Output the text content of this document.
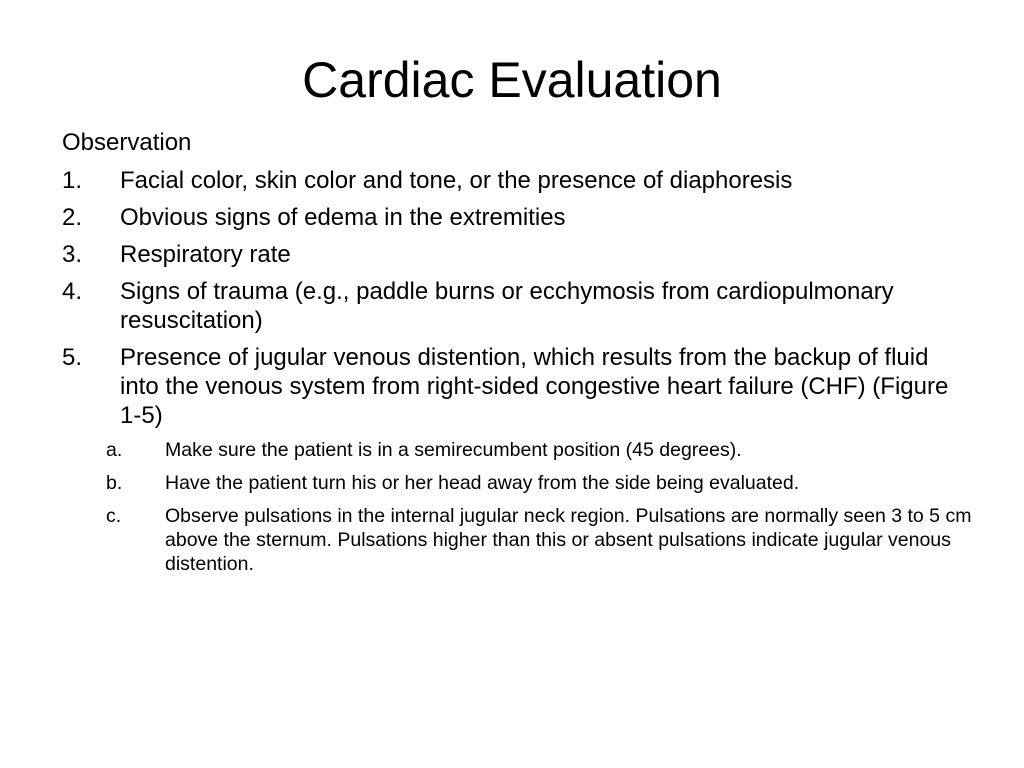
Cardiac Evaluation
Observation
1. Facial color, skin color and tone, or the presence of diaphoresis
2. Obvious signs of edema in the extremities
3. Respiratory rate
4. Signs of trauma (e.g., paddle burns or ecchymosis from cardiopulmonary resuscitation)
5. Presence of jugular venous distention, which results from the backup of fluid into the venous system from right-sided congestive heart failure (CHF) (Figure 1-5)
a. Make sure the patient is in a semirecumbent position (45 degrees).
b. Have the patient turn his or her head away from the side being evaluated.
c. Observe pulsations in the internal jugular neck region. Pulsations are normally seen 3 to 5 cm above the sternum. Pulsations higher than this or absent pulsations indicate jugular venous distention.
